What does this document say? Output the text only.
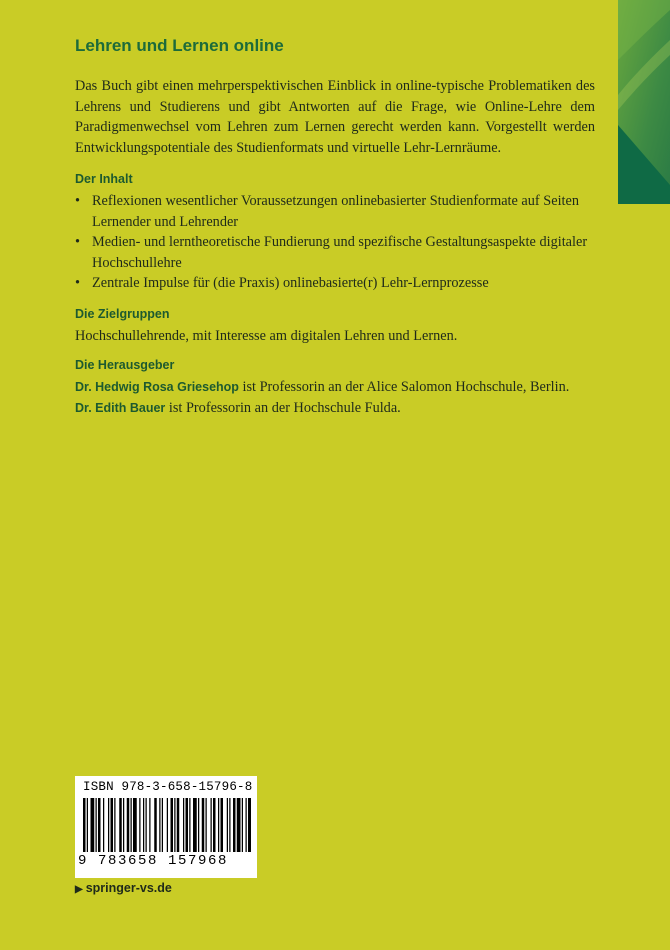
Lehren und Lernen online

Das Buch gibt einen mehrperspektivischen Einblick in online-typische Problematiken des Lehrens und Studierens und gibt Antworten auf die Frage, wie Online-Lehre dem Paradigmenwechsel vom Lehren zum Lernen gerecht werden kann. Vorgestellt werden Entwicklungspotentiale des Studienformats und virtuelle Lehr-Lernräume.

Der Inhalt
• Reflexionen wesentlicher Voraussetzungen onlinebasierter Studienformate auf Seiten Lernender und Lehrender
• Medien- und lerntheoretische Fundierung und spezifische Gestaltungsaspekte digitaler Hochschullehre
• Zentrale Impulse für (die Praxis) onlinebasierte(r) Lehr-Lernprozesse
Die Zielgruppen

Hochschullehrende, mit Interesse am digitalen Lehren und Lernen.

Die Herausgeber

Dr. Hedwig Rosa Griesehop ist Professorin an der Alice Salomon Hochschule, Berlin.

Dr. Edith Bauer ist Professorin an der Hochschule Fulda.

ISBN 978-3-658-15796-8
9 783658 157968
▶ springer-vs.de
